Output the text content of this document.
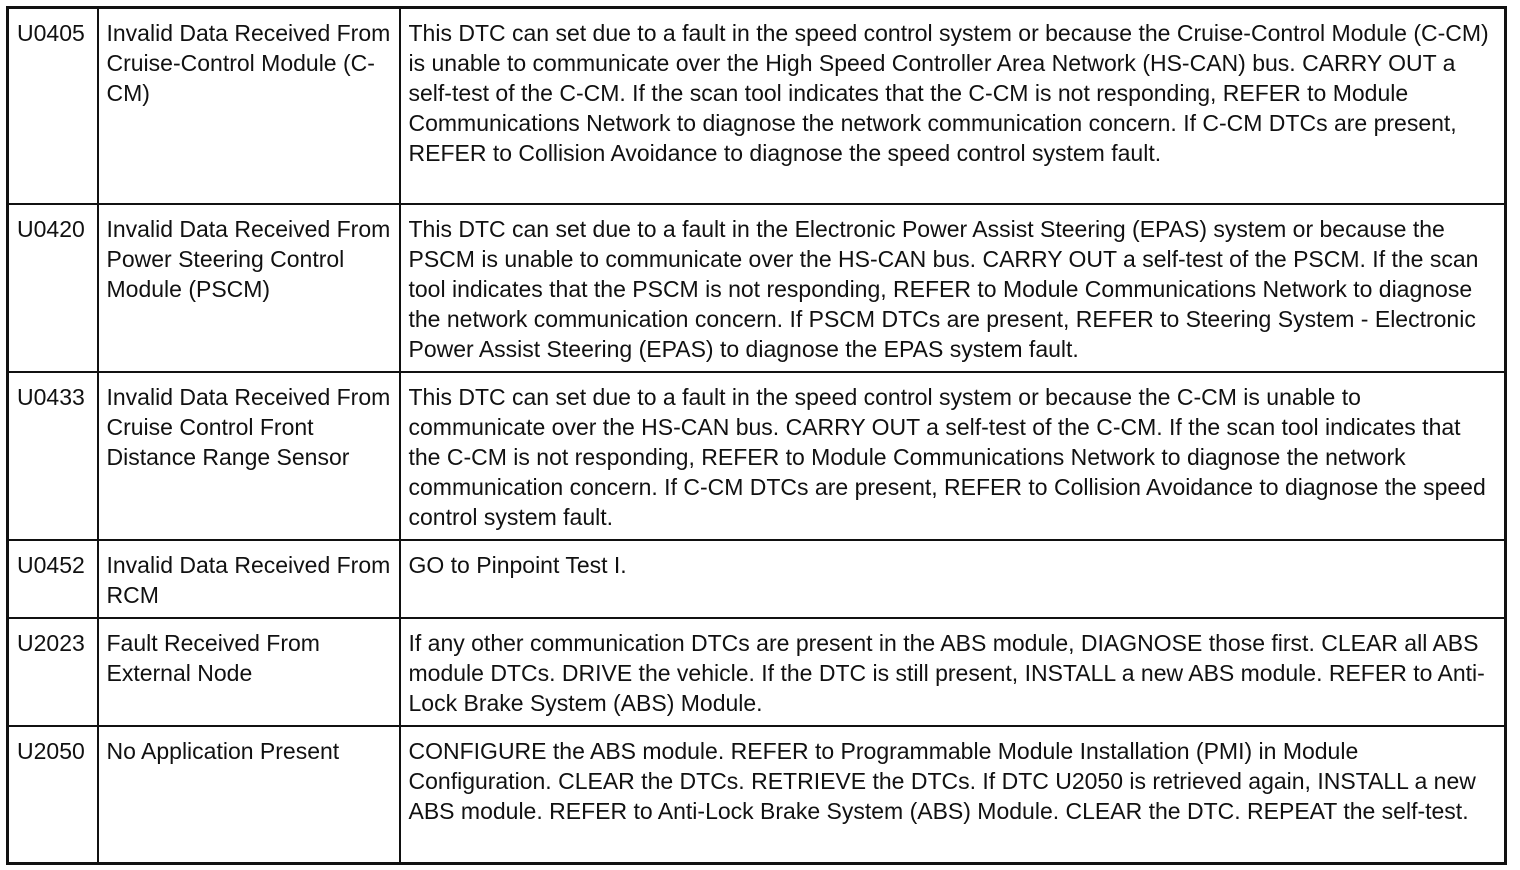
U0405	Invalid Data Received From Cruise-Control Module (C-CM)	This DTC can set due to a fault in the speed control system or because the Cruise-Control Module (C-CM) is unable to communicate over the High Speed Controller Area Network (HS-CAN) bus. CARRY OUT a self-test of the C-CM. If the scan tool indicates that the C-CM is not responding, REFER to Module Communications Network to diagnose the network communication concern. If C-CM DTCs are present, REFER to Collision Avoidance to diagnose the speed control system fault.
U0420	Invalid Data Received From Power Steering Control Module (PSCM)	This DTC can set due to a fault in the Electronic Power Assist Steering (EPAS) system or because the PSCM is unable to communicate over the HS-CAN bus. CARRY OUT a self-test of the PSCM. If the scan tool indicates that the PSCM is not responding, REFER to Module Communications Network to diagnose the network communication concern. If PSCM DTCs are present, REFER to Steering System - Electronic Power Assist Steering (EPAS) to diagnose the EPAS system fault.
U0433	Invalid Data Received From Cruise Control Front Distance Range Sensor	This DTC can set due to a fault in the speed control system or because the C-CM is unable to communicate over the HS-CAN bus. CARRY OUT a self-test of the C-CM. If the scan tool indicates that the C-CM is not responding, REFER to Module Communications Network to diagnose the network communication concern. If C-CM DTCs are present, REFER to Collision Avoidance to diagnose the speed control system fault.
U0452	Invalid Data Received From RCM	GO to Pinpoint Test I.
U2023	Fault Received From External Node	If any other communication DTCs are present in the ABS module, DIAGNOSE those first. CLEAR all ABS module DTCs. DRIVE the vehicle. If the DTC is still present, INSTALL a new ABS module. REFER to Anti-Lock Brake System (ABS) Module.
U2050	No Application Present	CONFIGURE the ABS module. REFER to Programmable Module Installation (PMI) in Module Configuration. CLEAR the DTCs. RETRIEVE the DTCs. If DTC U2050 is retrieved again, INSTALL a new ABS module. REFER to Anti-Lock Brake System (ABS) Module. CLEAR the DTC. REPEAT the self-test.
